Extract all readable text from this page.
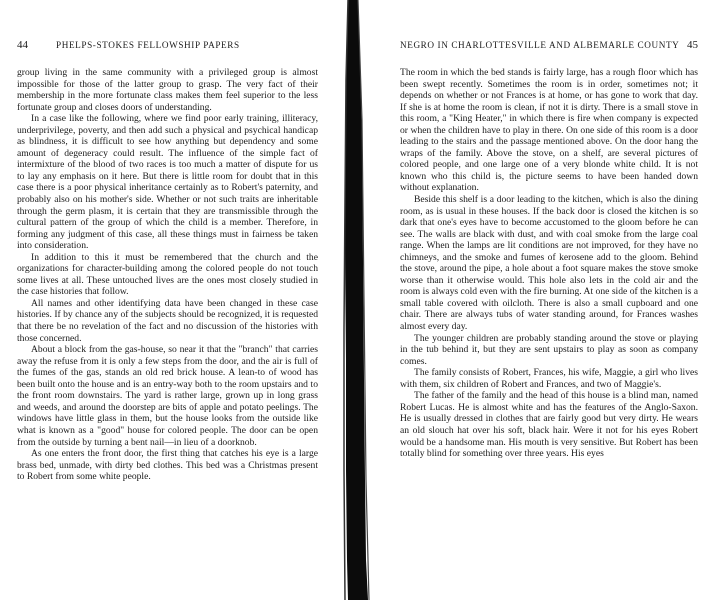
44	PHELPS-STOKES FELLOWSHIP PAPERS

group living in the same community with a privileged group is almost impossible for those of the latter group to grasp. The very fact of their membership in the more fortunate class makes them feel superior to the less fortunate group and closes doors of understanding.

In a case like the following, where we find poor early training, illiteracy, underprivilege, poverty, and then add such a physical and psychical handicap as blindness, it is difficult to see how anything but dependency and some amount of degeneracy could result. The influence of the simple fact of intermixture of the blood of two races is too much a matter of dispute for us to lay any emphasis on it here. But there is little room for doubt that in this case there is a poor physical inheritance certainly as to Robert's paternity, and probably also on his mother's side. Whether or not such traits are inheritable through the germ plasm, it is certain that they are transmissible through the cultural pattern of the group of which the child is a member. Therefore, in forming any judgment of this case, all these things must in fairness be taken into consideration.

In addition to this it must be remembered that the church and the organizations for character-building among the colored people do not touch some lives at all. These untouched lives are the ones most closely studied in the case histories that follow.

All names and other identifying data have been changed in these case histories. If by chance any of the subjects should be recognized, it is requested that there be no revelation of the fact and no discussion of the histories with those concerned.

About a block from the gas-house, so near it that the "branch" that carries away the refuse from it is only a few steps from the door, and the air is full of the fumes of the gas, stands an old red brick house. A lean-to of wood has been built onto the house and is an entry-way both to the room upstairs and to the front room downstairs. The yard is rather large, grown up in long grass and weeds, and around the doorstep are bits of apple and potato peelings. The windows have little glass in them, but the house looks from the outside like what is known as a "good" house for colored people. The door can be open from the outside by turning a bent nail—in lieu of a doorknob.

As one enters the front door, the first thing that catches his eye is a large brass bed, unmade, with dirty bed clothes. This bed was a Christmas present to Robert from some white people.

NEGRO IN CHARLOTTESVILLE AND ALBEMARLE COUNTY 45

The room in which the bed stands is fairly large, has a rough floor which has been swept recently. Sometimes the room is in order, sometimes not; it depends on whether or not Frances is at home, or has gone to work that day. If she is at home the room is clean, if not it is dirty. There is a small stove in this room, a "King Heater," in which there is fire when company is expected or when the children have to play in there. On one side of this room is a door leading to the stairs and the passage mentioned above. On the door hang the wraps of the family. Above the stove, on a shelf, are several pictures of colored people, and one large one of a very blonde white child. It is not known who this child is, the picture seems to have been handed down without explanation.

Beside this shelf is a door leading to the kitchen, which is also the dining room, as is usual in these houses. If the back door is closed the kitchen is so dark that one's eyes have to become accustomed to the gloom before he can see. The walls are black with dust, and with coal smoke from the large coal range. When the lamps are lit conditions are not improved, for they have no chimneys, and the smoke and fumes of kerosene add to the gloom. Behind the stove, around the pipe, a hole about a foot square makes the stove smoke worse than it otherwise would. This hole also lets in the cold air and the room is always cold even with the fire burning. At one side of the kitchen is a small table covered with oilcloth. There is also a small cupboard and one chair. There are always tubs of water standing around, for Frances washes almost every day.

The younger children are probably standing around the stove or playing in the tub behind it, but they are sent upstairs to play as soon as company comes.

The family consists of Robert, Frances, his wife, Maggie, a girl who lives with them, six children of Robert and Frances, and two of Maggie's.

The father of the family and the head of this house is a blind man, named Robert Lucas. He is almost white and has the features of the Anglo-Saxon. He is usually dressed in clothes that are fairly good but very dirty. He wears an old slouch hat over his soft, black hair. Were it not for his eyes Robert would be a handsome man. His mouth is very sensitive. But Robert has been totally blind for something over three years. His eyes
